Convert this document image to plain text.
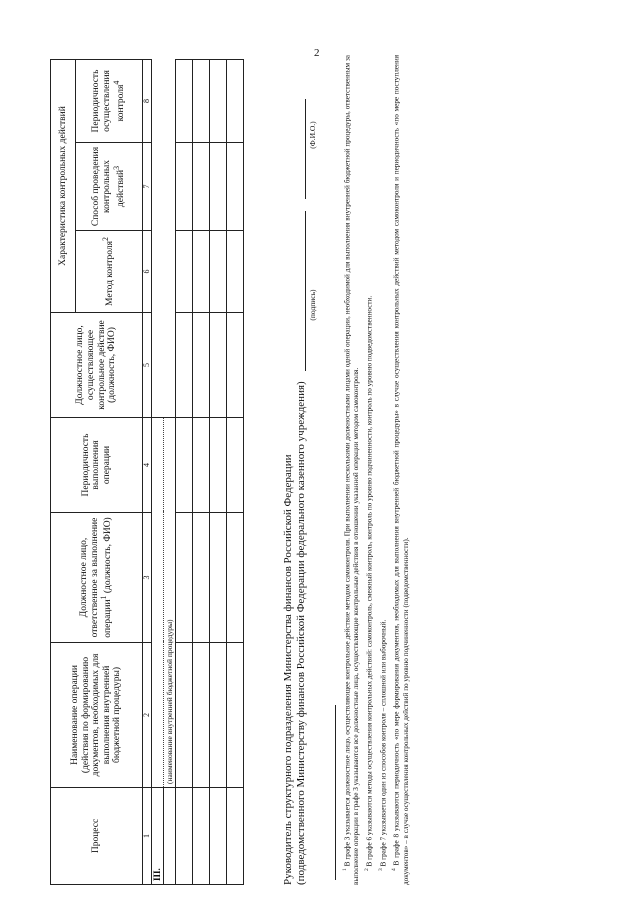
2
Процесс	Наименование операции (действия по формированию документов, необходимых для выполнения внутренней бюджетной процедуры)	Должностное лицо, ответственное за выполнение операции$^1$ (должность, ФИО)	Периодичность выполнения операции	Должностное лицо, осуществляющее контрольное действие (должность, ФИО)	Характеристика контрольных действий		
					Метод контроля$^2$	Способ проведения контрольных действий$^3$	Периодичность осуществления контроля$^4$
1	2	3	4	5	6	7	8
III.							
	(наименование внутренней бюджетной процедуры)						

								Руководитель структурного подразделения Министерства финансов Российской Федерации (подведомственного Министерству финансов Российской Федерации федерального казенного учреждения)
(подпись)
(Ф.И.О.)

$^1$ В графе 3 указывается должностное лицо, осуществляющее контрольное действие методом самоконтроля. При выполнении несколькими должностными лицами одной операции, необходимой для выполнения внутренней бюджетной процедуры, ответственным за выполнение операции в графе 3 указываются все должностные лица, осуществляющие контрольные действия в отношении указанной операции методом самоконтроля. $^2$ В графе 6 указываются методы осуществления контрольных действий: самоконтроль, смежный контроль, контроль по уровню подчиненности, контроль по уровню подведомственности.

$^3$ В графе 7 указывается один из способов контроля – сплошной или выборочный.

$^4$ В графе 8 указываются периодичность «по мере формирования документов, необходимых для выполнения внутренней бюджетной процедуры» в случае осуществления контрольных действий методом самоконтроля и периодичность «по мере поступления документов» – в случае осуществления контрольных действий по уровню подчиненности (подведомственности).
